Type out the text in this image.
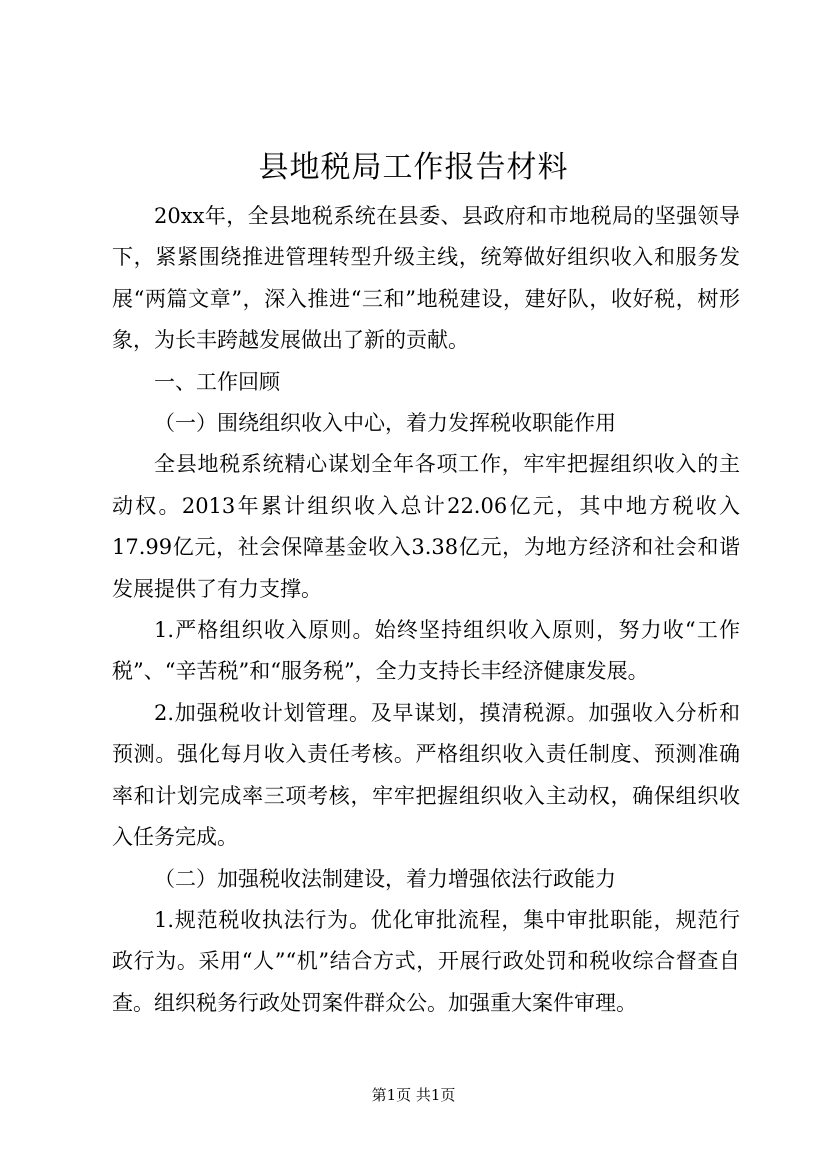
县地税局工作报告材料

20xx年，全县地税系统在县委、县政府和市地税局的坚强领导下，紧紧围绕推进管理转型升级主线，统筹做好组织收入和服务发展“两篇文章”，深入推进“三和”地税建设，建好队，收好税，树形象，为长丰跨越发展做出了新的贡献。

一、工作回顾

（一）围绕组织收入中心，着力发挥税收职能作用

全县地税系统精心谋划全年各项工作，牢牢把握组织收入的主动权。2013年累计组织收入总计22.06亿元，其中地方税收入17.99亿元，社会保障基金收入3.38亿元，为地方经济和社会和谐发展提供了有力支撑。

1.严格组织收入原则。始终坚持组织收入原则，努力收“工作税”、“辛苦税”和“服务税”，全力支持长丰经济健康发展。

2.加强税收计划管理。及早谋划，摸清税源。加强收入分析和预测。强化每月收入责任考核。严格组织收入责任制度、预测准确率和计划完成率三项考核，牢牢把握组织收入主动权，确保组织收入任务完成。

（二）加强税收法制建设，着力增强依法行政能力

1.规范税收执法行为。优化审批流程，集中审批职能，规范行政行为。采用“人”“机”结合方式，开展行政处罚和税收综合督查自查。组织税务行政处罚案件群众公。加强重大案件审理。

第1页 共1页
